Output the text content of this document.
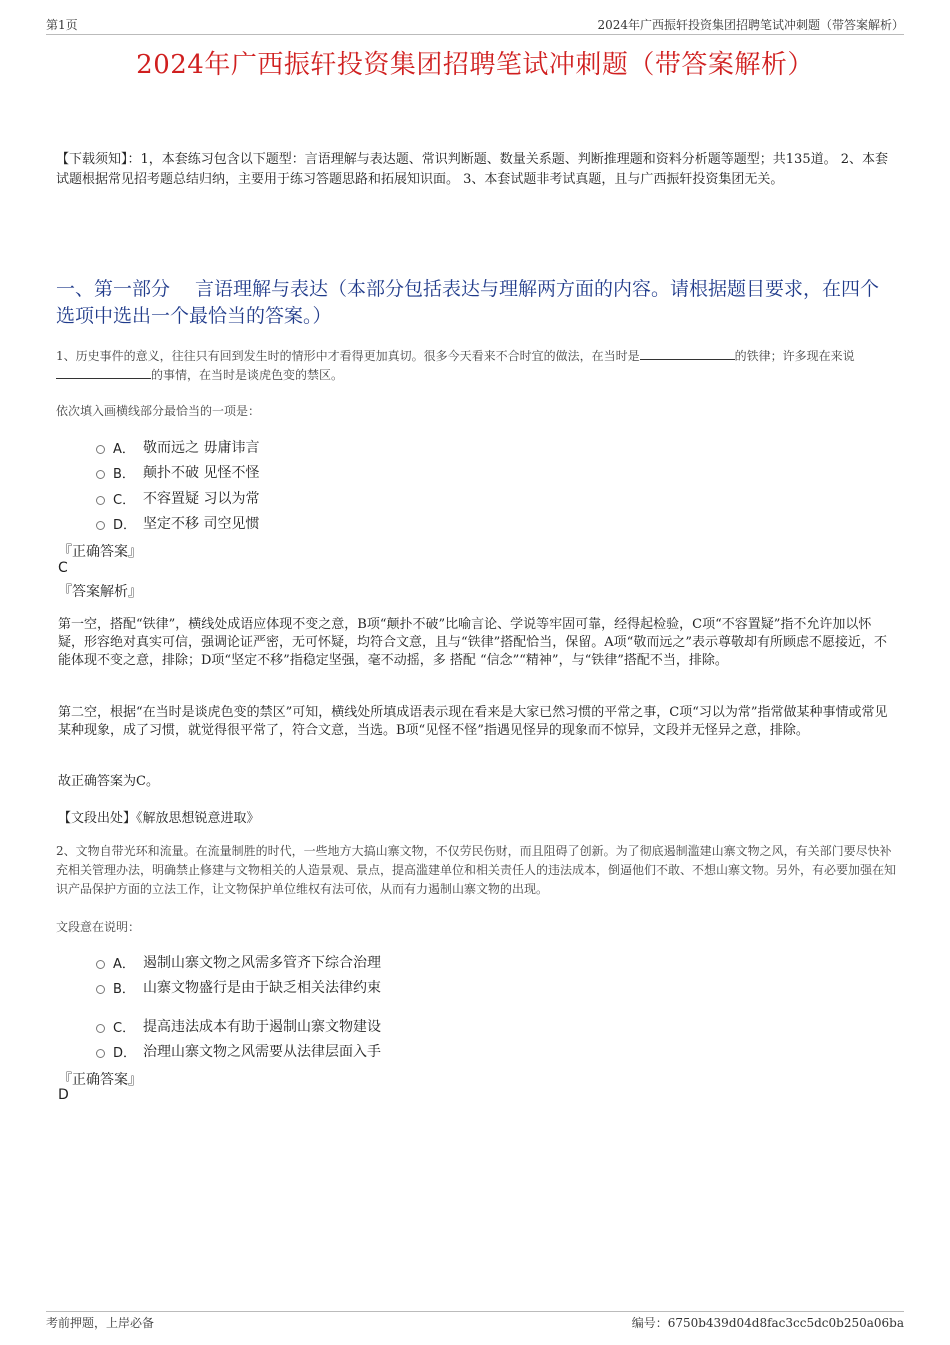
第1页	2024年广西振轩投资集团招聘笔试冲刺题（带答案解析）
2024年广西振轩投资集团招聘笔试冲刺题（带答案解析）
【下载须知】：1，本套练习包含以下题型：言语理解与表达题、常识判断题、数量关系题、判断推理题和资料分析题等题型；共135道。 2、本套试题根据常见招考题总结归纳，主要用于练习答题思路和拓展知识面。 3、本套试题非考试真题，且与广西振轩投资集团无关。
一、第一部分　 言语理解与表达（本部分包括表达与理解两方面的内容。请根据题目要求，在四个选项中选出一个最恰当的答案。）
1、历史事件的意义，往往只有回到发生时的情形中才看得更加真切。很多今天看来不合时宜的做法，在当时是	的铁律；许多现在来说的事情，在当时是谈虎色变的禁区。
依次填入画横线部分最恰当的一项是：
A． 敬而远之 毋庸讳言
B． 颠扑不破 见怪不怪
C． 不容置疑 习以为常
D． 坚定不移 司空见惯
『正确答案』
C
『答案解析』
第一空，搭配“铁律”，横线处成语应体现不变之意，B项“颠扑不破”比喻言论、学说等牢固可靠，经得起检验，C项“不容置疑”指不允许加以怀疑，形容绝对真实可信，强调论证严密，无可怀疑，均符合文意，且与“铁律”搭配恰当，保留。A项“敬而远之”表示尊敬却有所顾虑不愿接近，不能体现不变之意，排除；D项“坚定不移”指稳定坚强，毫不动摇，多 搭配 “信念”“精神”，与“铁律”搭配不当，排除。
第二空，根据“在当时是谈虎色变的禁区”可知，横线处所填成语表示现在看来是大家已然习惯的平常之事，C项“习以为常”指常做某种事情或常见某种现象，成了习惯，就觉得很平常了，符合文意，当选。B项“见怪不怪”指遇见怪异的现象而不惊异，文段并无怪异之意，排除。
故正确答案为C。
【文段出处】《解放思想锐意进取》
2、文物自带光环和流量。在流量制胜的时代，一些地方大搞山寨文物，不仅劳民伤财，而且阻碍了创新。为了彻底遏制滥建山寨文物之风，有关部门要尽快补充相关管理办法，明确禁止修建与文物相关的人造景观、景点，提高滥建单位和相关责任人的违法成本，倒逼他们不敢、不想山寨文物。另外，有必要加强在知识产品保护方面的立法工作，让文物保护单位维权有法可依，从而有力遏制山寨文物的出现。
文段意在说明：
A． 遏制山寨文物之风需多管齐下综合治理
B． 山寨文物盛行是由于缺乏相关法律约束
C． 提高违法成本有助于遏制山寨文物建设
D． 治理山寨文物之风需要从法律层面入手
『正确答案』
D
考前押题，上岸必备	编号：6750b439d04d8fac3cc5dc0b250a06ba
